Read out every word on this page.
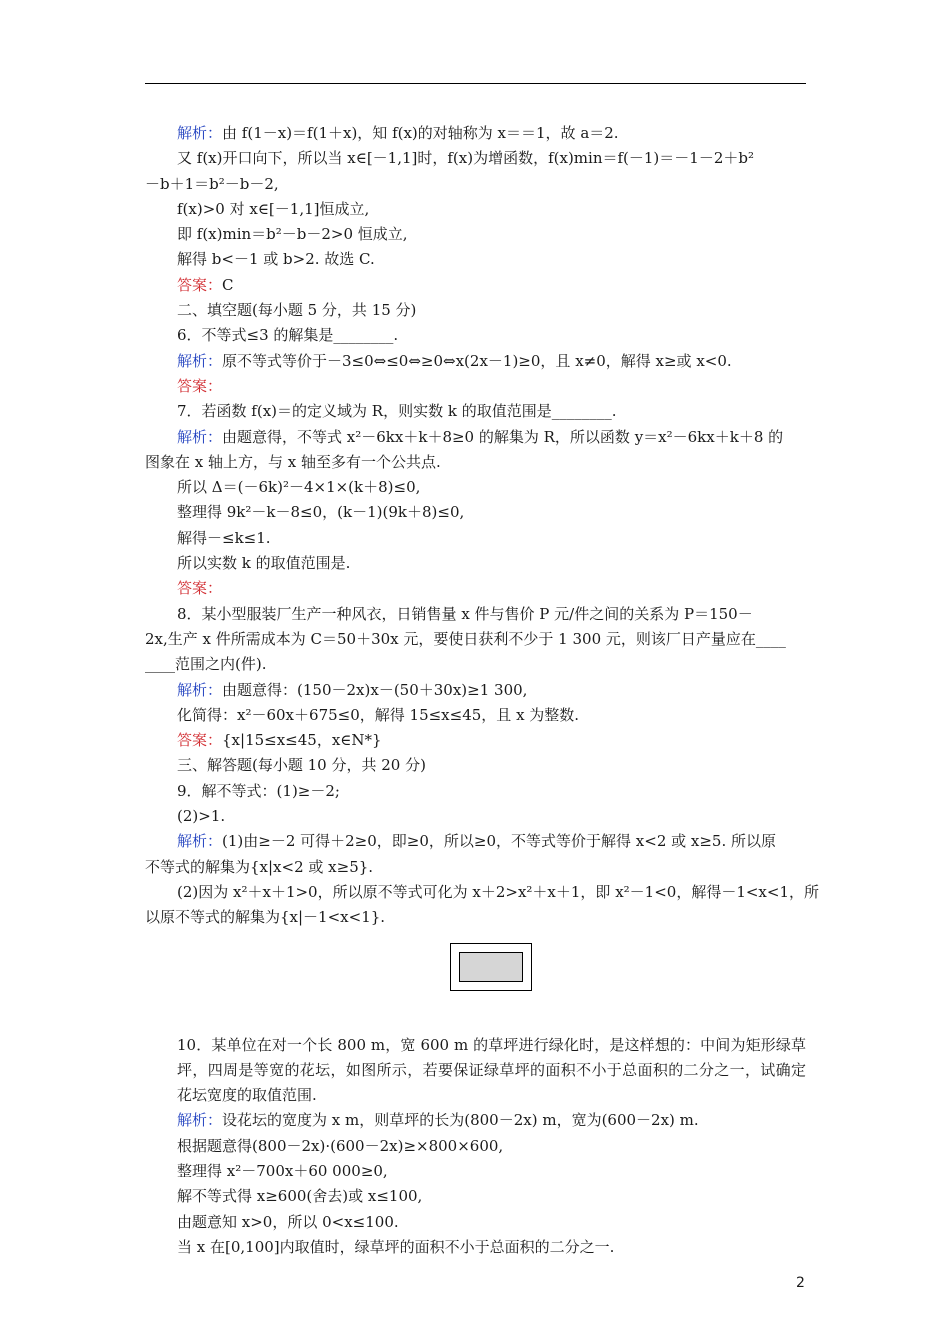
解析：由 f(1－x)＝f(1＋x)，知 f(x)的对轴称为 x＝＝1，故 a＝2.

又 f(x)开口向下，所以当 x∈[－1,1]时，f(x)为增函数，f(x)min＝f(－1)＝－1－2＋b²

－b＋1＝b²－b－2,

f(x)>0 对 x∈[－1,1]恒成立,

即 f(x)min＝b²－b－2>0 恒成立,

解得 b<－1 或 b>2. 故选 C.

答案：C

二、填空题(每小题 5 分，共 15 分)

6．不等式≤3 的解集是________.

解析：原不等式等价于－3≤0⇔≤0⇔≥0⇔x(2x－1)≥0，且 x≠0，解得 x≥或 x<0.

答案：

7．若函数 f(x)＝的定义域为 R，则实数 k 的取值范围是________.

解析：由题意得，不等式 x²－6kx＋k＋8≥0 的解集为 R，所以函数 y＝x²－6kx＋k＋8 的

图象在 x 轴上方，与 x 轴至多有一个公共点.

所以 Δ＝(－6k)²－4×1×(k＋8)≤0,

整理得 9k²－k－8≤0，(k－1)(9k＋8)≤0,

解得－≤k≤1.

所以实数 k 的取值范围是.

答案：

8．某小型服装厂生产一种风衣，日销售量 x 件与售价 P 元/件之间的关系为 P＝150－

2x,生产 x 件所需成本为 C＝50＋30x 元，要使日获利不少于 1 300 元，则该厂日产量应在____

____范围之内(件).

解析：由题意得：(150－2x)x－(50＋30x)≥1 300,

化简得：x²－60x＋675≤0，解得 15≤x≤45，且 x 为整数.

答案：{x|15≤x≤45，x∈N*}

三、解答题(每小题 10 分，共 20 分)

9．解不等式：(1)≥－2;

(2)>1.

解析：(1)由≥－2 可得＋2≥0，即≥0，所以≥0，不等式等价于解得 x<2 或 x≥5. 所以原

不等式的解集为{x|x<2 或 x≥5}.

(2)因为 x²＋x＋1>0，所以原不等式可化为 x＋2>x²＋x＋1，即 x²－1<0，解得－1<x<1，所

以原不等式的解集为{x|－1<x<1}.

10．某单位在对一个长 800 m，宽 600 m 的草坪进行绿化时，是这样想的：中间为矩形绿草坪，四周是等宽的花坛，如图所示，若要保证绿草坪的面积不小于总面积的二分之一，试确定花坛宽度的取值范围.

解析：设花坛的宽度为 x m，则草坪的长为(800－2x) m，宽为(600－2x) m.

根据题意得(800－2x)·(600－2x)≥×800×600,

整理得 x²－700x＋60 000≥0,

解不等式得 x≥600(舍去)或 x≤100,

由题意知 x>0，所以 0<x≤100.

当 x 在[0,100]内取值时，绿草坪的面积不小于总面积的二分之一.

2
